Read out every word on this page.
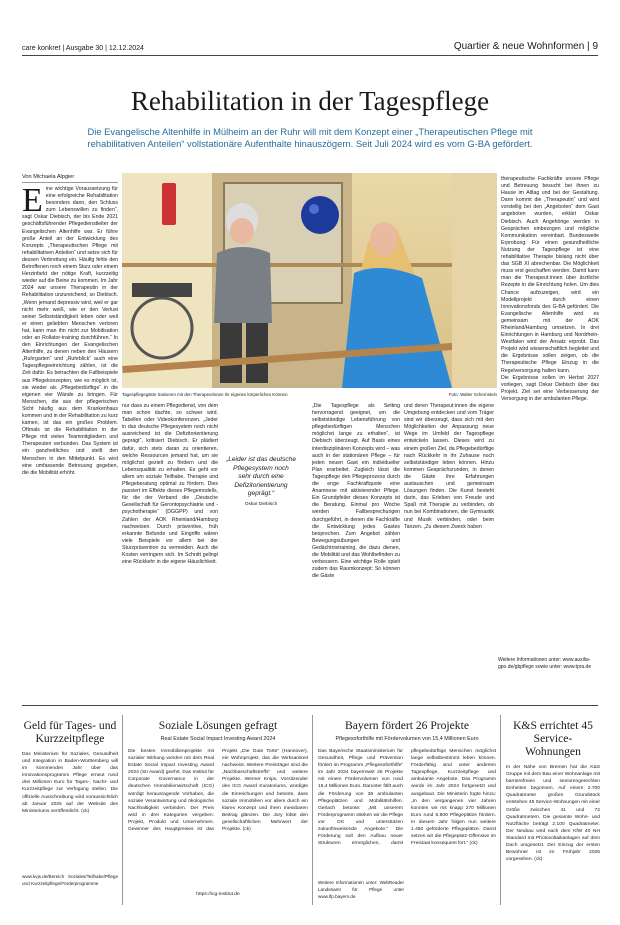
care konkret | Ausgabe 30 | 12.12.2024	Quartier & neue Wohnformen | 9
Rehabilitation in der Tagespflege
Die Evangelische Altenhilfe in Mülheim an der Ruhr will mit dem Konzept einer „Therapeutischen Pflege mit rehabilitativen Anteilen“ vollstationäre Aufenthalte hinauszögern. Seit Juli 2024 wird es vom G-BA gefördert.
Von Michaela Alpgier
Tagespflegegäste trainieren mit den Therapeutinnen ihr eigenes körperliches Können.	Foto: Walter Schernstein
E ine wichtige Voraussetzung für eine erfolgreiche Rehabilitation besonders dann, den Schluss zum Lebenswillen zu finden“, sagt Oskar Diebisch, der bis Ende 2021 geschäftsführender Pflegedienstleiter der Evangelischen Altenhilfe war. Er führe große Anteil an der Entwicklung des Konzepts „Therapeutischen Pflege mit rehabilitativen Anteilen“ und setze sich für dessen Verbreitung ein. Häufig fehle den Betroffenen noch einem Sturz oder einem Herzinfarkt der nötige Kraft, kurzzeitig wieder auf die Beine zu kommen. Im Jahr 2024 war unsere Therapeutin in der Rehabilitation unzureichend, so Diebisch. „Wenn jemand depressiv wird, weil er gar nicht mehr weiß, wie er den Verlust seiner Selbstständigkeit leben oder weil er einen geliebten Menschen verloren hat, kann man ihn nicht zur Mobilisation oder an Rollator-training durchführen.“ In den Einrichtungen der Evangelischen Altenhilfe, zu denen neben den Häusern „Ruhrgarten“ und „Ruhrblick“ auch eine Tagespflegeeinrichtung zählen, ist die Zeit dafür. Es betrachten die Fallbeispiele aus Pflegekonzepten, wie es möglich ist, sie wieder als „Pflegebedürftige“ in die eigenen vier Wände zu bringen. Für Menschen, die aus der pflegerischen Sicht häufig aus dem Krankenhaus kommen und in der Rehabilitation zu kurz kamen, ist das ein großes Problem. Oftmals ist die Rehabilitation in der Pflege mit vielen Teammitgliedern und Therapeuten verbunden. Das System ist ein ganzheitliches und stellt den Menschen in den Mittelpunkt. Es wird eine umfassende Betreuung gegeben, die die Mobilität erhöht.

nur dass zu einem Pflegedienst, von dem man schon dachte, so schwer wird. Tabellen oder Videokonferenzen. „Jeder in das deutsche Pflegesystem noch nicht ausreichend ist die Defizitorientierung geprägt“, kritisiert Diebisch. Er plädiert dafür, sich stets daran zu orientieren, welche Ressourcen jemand hat, um sie möglichst gezielt zu fördern und die Lebensqualität zu erhalten. Es geht vor allem um soziale Teilhabe, Therapie und Pflegeberatung optimal zu fördern. Dies passiert im Effekte dieses Pflegemodells, für die der Verband die „Deutsche Gesellschaft für Gerontopsychiatrie und -psychotherapie“ (DGGPP) und von Zahlen der AOK Rheinland/Hamburg nachweisen. Durch präventive, früh erkannte Befunde und Eingriffe wären viele Beispiele vor allem bei der Sturzprävention zu vermeiden. Auch die Kosten verringern sich. Im Schnitt gelingt eine Rückkehr in die eigene Häuslichkeit.

„Leider ist das deutsche Pflegesystem noch sehr durch eine Defizitorientierung geprägt.“
Oskar Diebisch

„Die Tagespflege als Setting hervorragend geeignet, um die selbstständige Lebensführung von pflegebedürftigen Menschen möglichst lange zu erhalten“, ist Diebisch überzeugt. Auf Basis eines interdisziplinären Konzepts wird – was auch in der stationären Pflege – für jeden neuen Gast ein individueller Plan erarbeitet. Zugleich lässt die Tagespflege den Pflegeprozess durch die enge Fachkraftquote eine Anamnese mit aktivierender Pflege. Ein Grundpfeiler dieses Konzepts ist die Beratung. Einmal pro Woche werden Fallbesprechungen durchgeführt, in denen die Fachkräfte die Entwicklung jedes Gastes besprechen. Zum Angebot zählen Bewegungsübungen und Gedächtnistraining, die dazu dienen, die Mobilität und das Wohlbefinden zu verbessern. Eine wichtige Rolle spielt zudem das Raumkonzept: So können die Gäste

und deren Therapeut:innen die eigene Umgebung entdecken und vom Träger sind wir überzeugt, dass sich mit den Möglichkeiten der Anpassung neue Wege im Umfeld der Tagespflege entwickeln lassen. Dieses wird zu einem großen Ziel, da Pflegebedürftige nach Rückkehr in ihr Zuhause noch selbstständiger leben können. Hinzu kommen Gesprächsrunden, in denen die Gäste ihre Erfahrungen austauschen und gemeinsam Lösungen finden. Die Kunst besteht darin, das Erleben von Freude und Spaß mit Therapie zu verbinden, ob nun bei Kombinationen, die Gymnastik und Musik verbinden, oder beim Tanzen. „Zu diesem Zweck haben

therapeutische Fachkräfte unsere Pflege und Betreuung besucht bei ihnen zu Hause im Alltag und bei der Gestaltung. Dann kommt die „Therapeutin“ und wird vorstellig bei den „Angeboten“ dem Gast angeboten wurden, erklärt Oskar Diebisch. Auch Angehörige werden in Gesprächen einbezogen und mögliche Kommunikation vereinbart. Bundesweite Erprobung: Für einen gesundheitliche Nutzung der Tagespflege ist eine rehabilitative Therapie bislang nicht über das SGB XI abrechenbar. Die Möglichkeit muss erst geschaffen werden. Damit kann man die Therapeut:innen über ärztliche Rezepte in die Einrichtung holen. Um dies Chance aufzuzeigen, wird ein Modellprojekt durch einen Innovationsfonds des G-BA gefördert. Die Evangelische Altenhilfe wird es gemeinsam mit der AOK Rheinland/Hamburg umsetzen. In drei Einrichtungen in Hamburg und Nordrhein-Westfalen wird der Ansatz erprobt. Das Projekt wird wissenschaftlich begleitet und die Ergebnisse sollen zeigen, ob die Therapeutische Pflege Einzug in die Regelversorgung halten kann.

Die Ergebnisse sollen im Herbst 2027 vorliegen, sagt Oskar Diebisch über das Projekt. Ziel sei eine Verbesserung der Versorgung in der ambulanten Pflege.

Weitere Informationen unter: www.auxilia-gpo.de/gbpflege sowie unter: www.tpra.de
Geld für Tages- und Kurzzeitpflege
Das Ministerium für Soziales, Gesundheit und Integration in Baden-Württemberg will im kommenden Jahr über das Innovationsprogramm Pflege erneut rund drei Millionen Euro für Tages-, Nacht- und Kurzzeitpflege zur Verfügung stellen. Die offizielle Ausschreibung wird voraussichtlich ab Januar 2025 auf der Website des Ministeriums veröffentlicht. (ck)
www.kvjs.de/Bereich Soziales/Teilhabe/Pflege und Kurzzeitpflege/Förderprogramme
Soziale Lösungen gefragt
Real Estate Social Impact Investing Award 2024
Die besten Immobilienprojekte mit sozialer Wirkung werden mit dem Real Estate Social Impact Investing Award 2024 (SII Award) geehrt. Das Institut für Corporate Governance in der deutschen Immobilienwirtschaft (ICG) würdigt herausragende Vorhaben, die soziale Verantwortung und ökologische Nachhaltigkeit verbinden. Der Preis wird in drei Kategorien vergeben: Projekt, Produkt und Unternehmen. Gewinner des Hauptpreises ist das Projekt „Die Gute Torte“ (Hannover), ein Wohnprojekt, das die Wirksamkeit nachweist. Weitere Preisträger sind die „Nachbarschaftstreffs“ und weitere Projekte. Werner Knips, Vorsitzender des ICG Award Kuratoriums, würdigte die Einreichungen und betonte, dass soziale Immobilien vor allem durch ein klares Konzept und ihren messbaren Beitrag glänzen. Die Jury lobte den gesellschaftlichen Mehrwert der Projekte. (ck)
https://icg-institut.de
Bayern fördert 26 Projekte
Pflegesoforthilfe mit Fördervolumen von 15,4 Millionen Euro
Das Bayerische Staatsministerium für Gesundheit, Pflege und Prävention fördert im Programm „Pflegesoforthilfe“ im Jahr 2024 bayernweit 26 Projekte mit einem Fördervolumen von rund 15,4 Millionen Euro. Darunter fällt auch die Förderung von 36 ambulanten Pflegeplätzen und Mobilitätshilfen. Gerlach betonte: „Mit unserem Förderprogramm stärken wir die Pflege vor Ort und unterstützen zukunftsweisende Angebote.“ Die Förderung soll den Aufbau neuer Strukturen ermöglichen, damit pflegebedürftige Menschen möglichst lange selbstbestimmt leben können. Förderfähig sind unter anderem Tagespflege, Kurzzeitpflege und ambulante Angebote. Das Programm wurde im Jahr 2024 fortgesetzt und ausgebaut. Die Ministerin fügte hinzu: „In den vergangenen vier Jahren konnten wir mit knapp 270 Millionen Euro rund 5.800 Pflegeplätze fördern. In diesem Jahr folgen nun weitere 1.450 geförderte Pflegeplätze. Damit setzen wir die Pflegeplatz-Offensive im Freistaat konsequent fort.“ (ck)
Weitere Informationen unter: WebReader Landesamt für Pflege unter www.lfp.bayern.de
K&S errichtet 45 Service-Wohnungen
In der Nähe von Bremen hat die K&S Gruppe mit dem Bau einer Wohnanlage mit barrierefreien und seniorengerechten Einheiten begonnen. Auf einem 2.700 Quadratmeter großen Grundstück entstehen 45 Service-Wohnungen mit einer Größe zwischen 41 und 72 Quadratmetern. Die gesamte Wohn- und Nutzfläche beträgt 2.100 Quadratmeter. Der Neubau wird nach dem KfW 40 NH Standard mit Photovoltaikanlagen auf dem Dach umgesetzt. Der Einzug der ersten Bewohner ist im Frühjahr 2026 vorgesehen. (ck)
